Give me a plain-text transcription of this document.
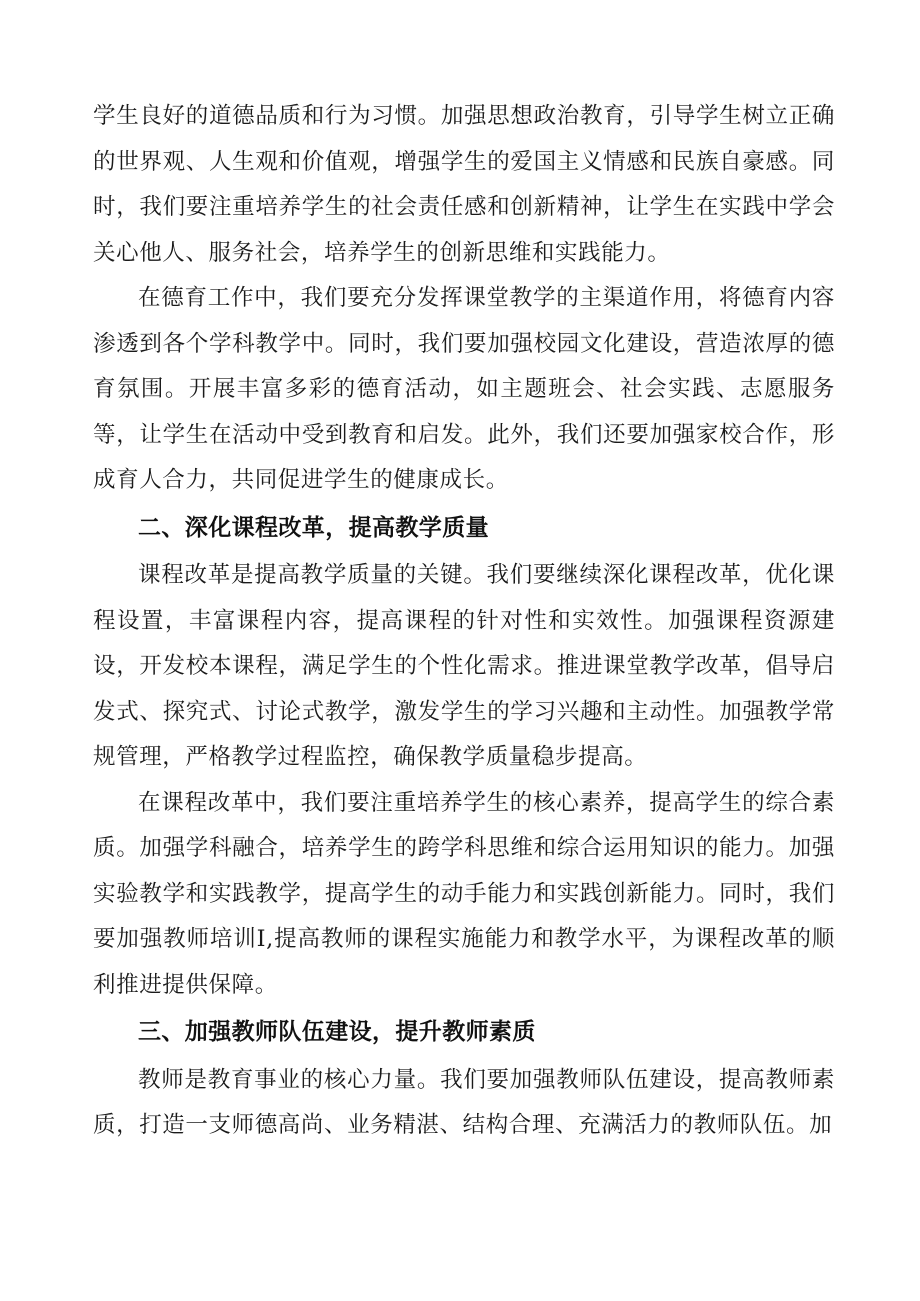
学生良好的道德品质和行为习惯。加强思想政治教育，引导学生树立正确的世界观、人生观和价值观，增强学生的爱国主义情感和民族自豪感。同时，我们要注重培养学生的社会责任感和创新精神，让学生在实践中学会关心他人、服务社会，培养学生的创新思维和实践能力。

在德育工作中，我们要充分发挥课堂教学的主渠道作用，将德育内容渗透到各个学科教学中。同时，我们要加强校园文化建设，营造浓厚的德育氛围。开展丰富多彩的德育活动，如主题班会、社会实践、志愿服务等，让学生在活动中受到教育和启发。此外，我们还要加强家校合作，形成育人合力，共同促进学生的健康成长。

二、深化课程改革，提高教学质量

课程改革是提高教学质量的关键。我们要继续深化课程改革，优化课程设置，丰富课程内容，提高课程的针对性和实效性。加强课程资源建设，开发校本课程，满足学生的个性化需求。推进课堂教学改革，倡导启发式、探究式、讨论式教学，激发学生的学习兴趣和主动性。加强教学常规管理，严格教学过程监控，确保教学质量稳步提高。

在课程改革中，我们要注重培养学生的核心素养，提高学生的综合素质。加强学科融合，培养学生的跨学科思维和综合运用知识的能力。加强实验教学和实践教学，提高学生的动手能力和实践创新能力。同时，我们要加强教师培训I,提高教师的课程实施能力和教学水平，为课程改革的顺利推进提供保障。

三、加强教师队伍建设，提升教师素质

教师是教育事业的核心力量。我们要加强教师队伍建设，提高教师素质，打造一支师德高尚、业务精湛、结构合理、充满活力的教师队伍。加
